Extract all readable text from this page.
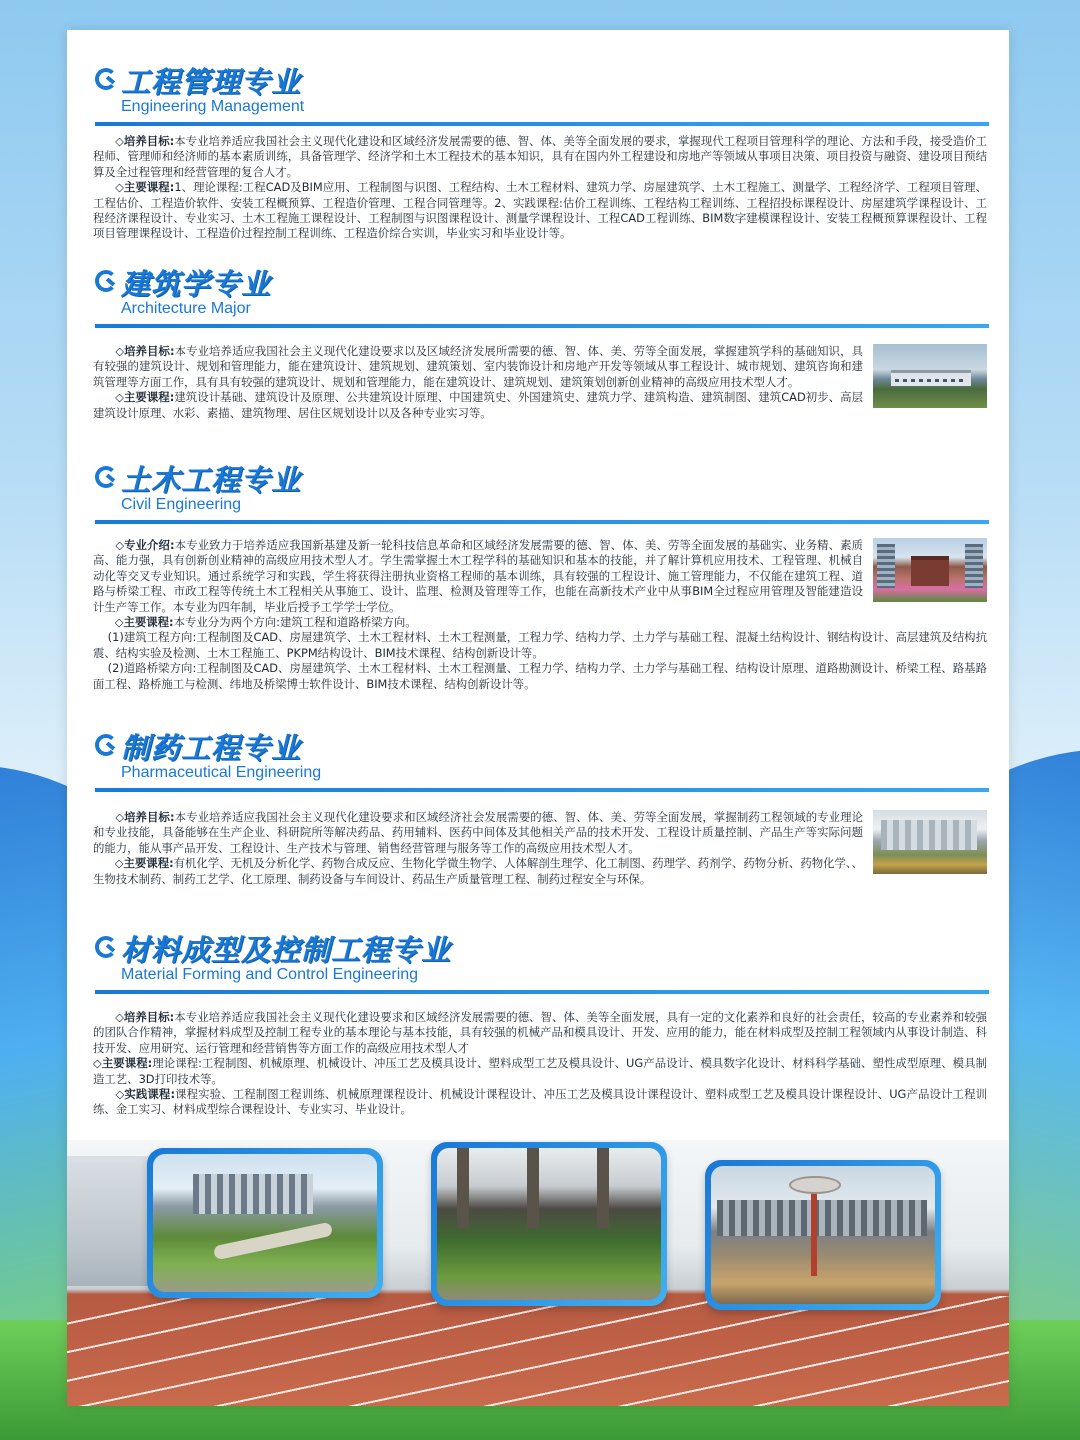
工程管理专业
Engineering Management

◇培养目标:本专业培养适应我国社会主义现代化建设和区域经济发展需要的德、智、体、美等全面发展的要求，掌握现代工程项目管理科学的理论、方法和手段，接受造价工程师、管理师和经济师的基本素质训练，具备管理学、经济学和土木工程技术的基本知识，具有在国内外工程建设和房地产等领域从事项目决策、项目投资与融资、建设项目预结算及全过程管理和经营管理的复合人才。

◇主要课程:1、理论课程:工程CAD及BIM应用、工程制图与识图、工程结构、土木工程材料、建筑力学、房屋建筑学、土木工程施工、测量学、工程经济学、工程项目管理、工程估价、工程造价软件、安装工程概预算、工程造价管理、工程合同管理等。2、实践课程:估价工程训练、工程结构工程训练、工程招投标课程设计、房屋建筑学课程设计、工程经济课程设计、专业实习、土木工程施工课程设计、工程制图与识图课程设计、测量学课程设计、工程CAD工程训练、BIM数字建模课程设计、安装工程概预算课程设计、工程项目管理课程设计、工程造价过程控制工程训练、工程造价综合实训，毕业实习和毕业设计等。

建筑学专业
Architecture Major

◇培养目标:本专业培养适应我国社会主义现代化建设要求以及区域经济发展所需要的德、智、体、美、劳等全面发展，掌握建筑学科的基础知识，具有较强的建筑设计、规划和管理能力，能在建筑设计、建筑规划、建筑策划、室内装饰设计和房地产开发等领域从事工程设计、城市规划、建筑咨询和建筑管理等方面工作，具有具有较强的建筑设计、规划和管理能力，能在建筑设计、建筑规划、建筑策划创新创业精神的高级应用技术型人才。

◇主要课程:建筑设计基础、建筑设计及原理、公共建筑设计原理、中国建筑史、外国建筑史、建筑力学、建筑构造、建筑制图、建筑CAD初步、高层建筑设计原理、水彩、素描、建筑物理、居住区规划设计以及各种专业实习等。

土木工程专业
Civil Engineering

◇专业介绍:本专业致力于培养适应我国新基建及新一轮科技信息革命和区域经济发展需要的德、智、体、美、劳等全面发展的基础实、业务精、素质高、能力强，具有创新创业精神的高级应用技术型人才。学生需掌握土木工程学科的基础知识和基本的技能，并了解计算机应用技术、工程管理、机械自动化等交叉专业知识。通过系统学习和实践，学生将获得注册执业资格工程师的基本训练，具有较强的工程设计、施工管理能力，不仅能在建筑工程、道路与桥梁工程、市政工程等传统土木工程相关从事施工、设计、监理、检测及管理等工作，也能在高新技术产业中从事BIM全过程应用管理及智能建造设计生产等工作。本专业为四年制，毕业后授予工学学士学位。

◇主要课程:本专业分为两个方向:建筑工程和道路桥梁方向。

(1)建筑工程方向:工程制图及CAD、房屋建筑学、土木工程材料、土木工程测量，工程力学、结构力学、土力学与基础工程、混凝土结构设计、钢结构设计、高层建筑及结构抗震、结构实验及检测、土木工程施工、PKPM结构设计、BIM技术课程、结构创新设计等。

(2)道路桥梁方向:工程制图及CAD、房屋建筑学、土木工程材料、土木工程测量、工程力学、结构力学、土力学与基础工程、结构设计原理、道路勘测设计、桥梁工程、路基路面工程、路桥施工与检测、纬地及桥梁博士软件设计、BIM技术课程、结构创新设计等。

制药工程专业
Pharmaceutical Engineering

◇培养目标:本专业培养适应我国社会主义现代化建设要求和区域经济社会发展需要的德、智、体、美、劳等全面发展，掌握制药工程领域的专业理论和专业技能，具备能够在生产企业、科研院所等解决药品、药用辅料、医药中间体及其他相关产品的技术开发、工程设计质量控制、产品生产等实际问题的能力，能从事产品开发、工程设计、生产技术与管理、销售经营管理与服务等工作的高级应用技术型人才。

◇主要课程:有机化学、无机及分析化学、药物合成反应、生物化学微生物学、人体解剖生理学、化工制图、药理学、药剂学、药物分析、药物化学、、生物技术制药、制药工艺学、化工原理、制药设备与车间设计、药品生产质量管理工程、制药过程安全与环保。

材料成型及控制工程专业
Material Forming and Control Engineering

◇培养目标:本专业培养适应我国社会主义现代化建设要求和区域经济发展需要的德、智、体、美等全面发展，具有一定的文化素养和良好的社会责任，较高的专业素养和较强的团队合作精神，掌握材料成型及控制工程专业的基本理论与基本技能，具有较强的机械产品和模具设计、开发、应用的能力，能在材料成型及控制工程领域内从事设计制造、科技开发、应用研究、运行管理和经营销售等方面工作的高级应用技术型人才

◇主要课程:理论课程:工程制图、机械原理、机械设计、冲压工艺及模具设计、塑料成型工艺及模具设计、UG产品设计、模具数字化设计、材料科学基础、塑性成型原理、模具制造工艺、3D打印技术等。

◇实践课程:课程实验、工程制图工程训练、机械原理课程设计、机械设计课程设计、冲压工艺及模具设计课程设计、塑料成型工艺及模具设计课程设计、UG产品设计工程训练、金工实习、材料成型综合课程设计、专业实习、毕业设计。
